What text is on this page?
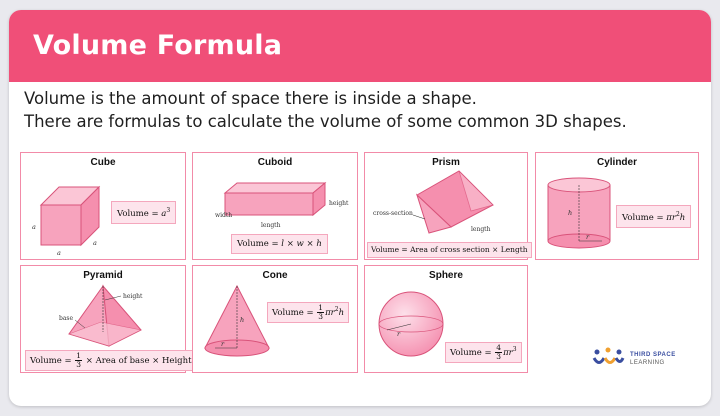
Volume Formula
Volume is the amount of space there is inside a shape.
There are formulas to calculate the volume of some common 3D shapes.
Cube
a
a
a
Volume = $a^3$
Cuboid
width
length
height
Volume = l × w × h
Prism
cross-section
length
Volume = Area of cross section × Length
Cylinder
h
r
Volume = $\pi r^2h$
Pyramid
height
base
Volume = $\frac{1}{3}$ × Area of base × Height
Cone
h
r
Volume = $\frac{1}{3} \pi r^2h$
Sphere
r
Volume = $\frac{4}{3} \pi r^3$
THIRD SPACE
LEARNING
